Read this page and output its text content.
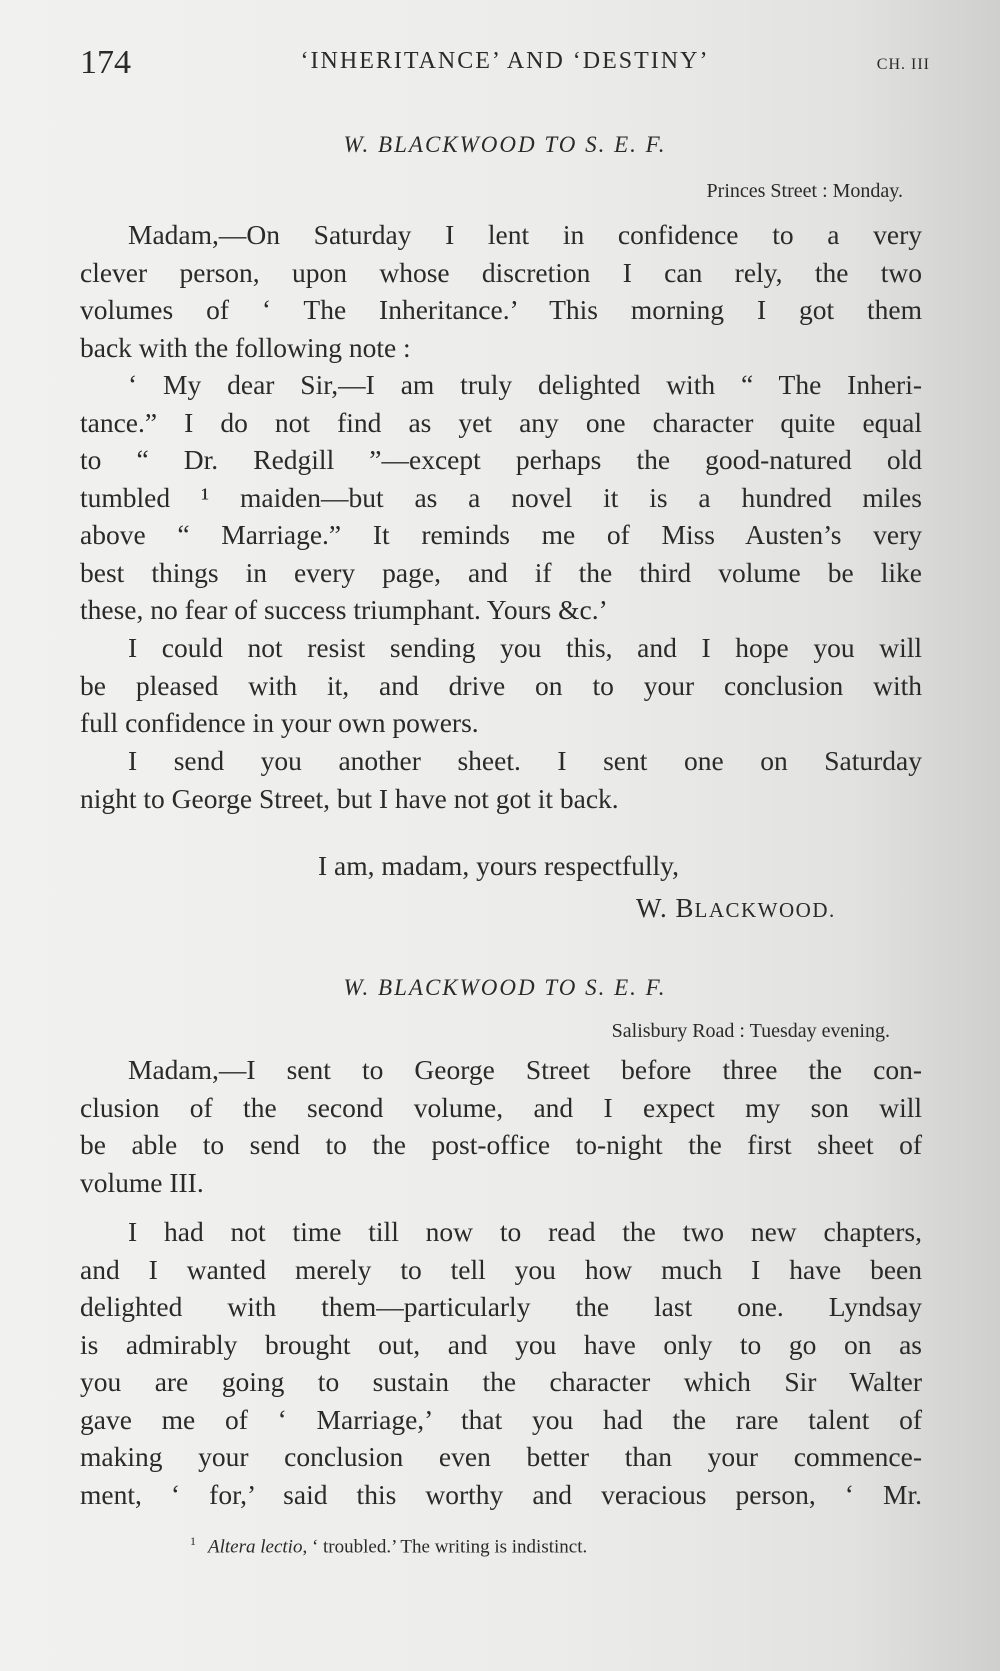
174	‘INHERITANCE’ AND ‘DESTINY’	CH. III
W. BLACKWOOD TO S. E. F.
Princes Street : Monday.
Madam,—On Saturday I lent in confidence to a very
clever person, upon whose discretion I can rely, the two
volumes of ‘ The Inheritance.’ This morning I got them
back with the following note :
‘ My dear Sir,—I am truly delighted with “ The Inheri-
tance.” I do not find as yet any one character quite equal
to “ Dr. Redgill ”—except perhaps the good-natured old
tumbled ¹ maiden—but as a novel it is a hundred miles
above “ Marriage.” It reminds me of Miss Austen’s very
best things in every page, and if the third volume be like
these, no fear of success triumphant. Yours &c.’
I could not resist sending you this, and I hope you will
be pleased with it, and drive on to your conclusion with
full confidence in your own powers.
I send you another sheet. I sent one on Saturday
night to George Street, but I have not got it back.
I am, madam, yours respectfully,
W. BLACKWOOD.
W. BLACKWOOD TO S. E. F.
Salisbury Road : Tuesday evening.
Madam,—I sent to George Street before three the con-
clusion of the second volume, and I expect my son will
be able to send to the post-office to-night the first sheet of
volume III.
I had not time till now to read the two new chapters,
and I wanted merely to tell you how much I have been
delighted with them—particularly the last one. Lyndsay
is admirably brought out, and you have only to go on as
you are going to sustain the character which Sir Walter
gave me of ‘ Marriage,’ that you had the rare talent of
making your conclusion even better than your commence-
ment, ‘ for,’ said this worthy and veracious person, ‘ Mr.
$^1$ Altera lectio, ‘ troubled.’ The writing is indistinct.
